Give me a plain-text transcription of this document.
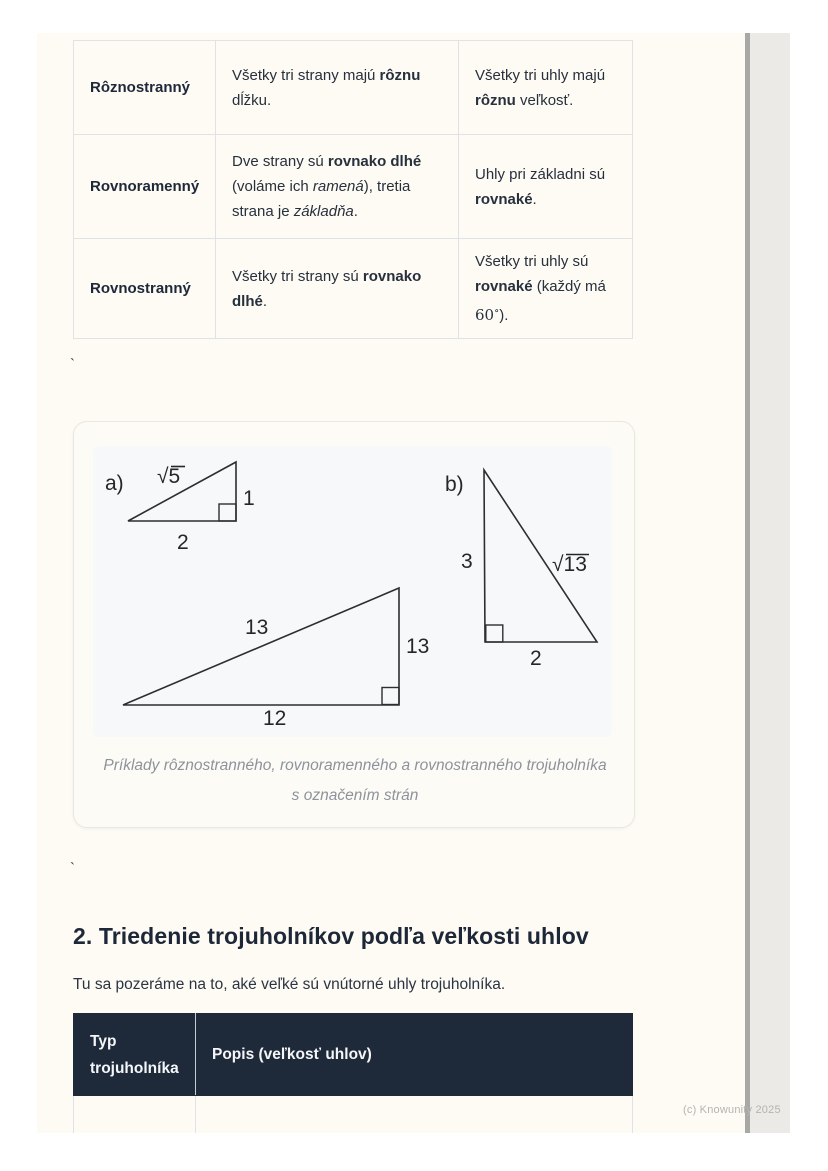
Rôznostranný	Všetky tri strany majú rôznu dĺžku.	Všetky tri uhly majú rôznu veľkosť.
Rovnoramenný	Dve strany sú rovnako dlhé (voláme ich ramená), tretia strana je základňa.	Uhly pri základni sú rovnaké.
Rovnostranný	Všetky tri strany sú rovnako dlhé.	Všetky tri uhly sú rovnaké (každý má 60∘).
`
a) √5
1
2
b)
3	√13
2
13
13
12
Príklady rôznostranného, rovnoramenného a rovnostranného trojuholníka s označením strán
`
2. Triedenie trojuholníkov podľa veľkosti uhlov

Tu sa pozeráme na to, aké veľké sú vnútorné uhly trojuholníka.

Typ trojuholníka	Popis (veľkosť uhlov)

(c) Knowunity 2025
